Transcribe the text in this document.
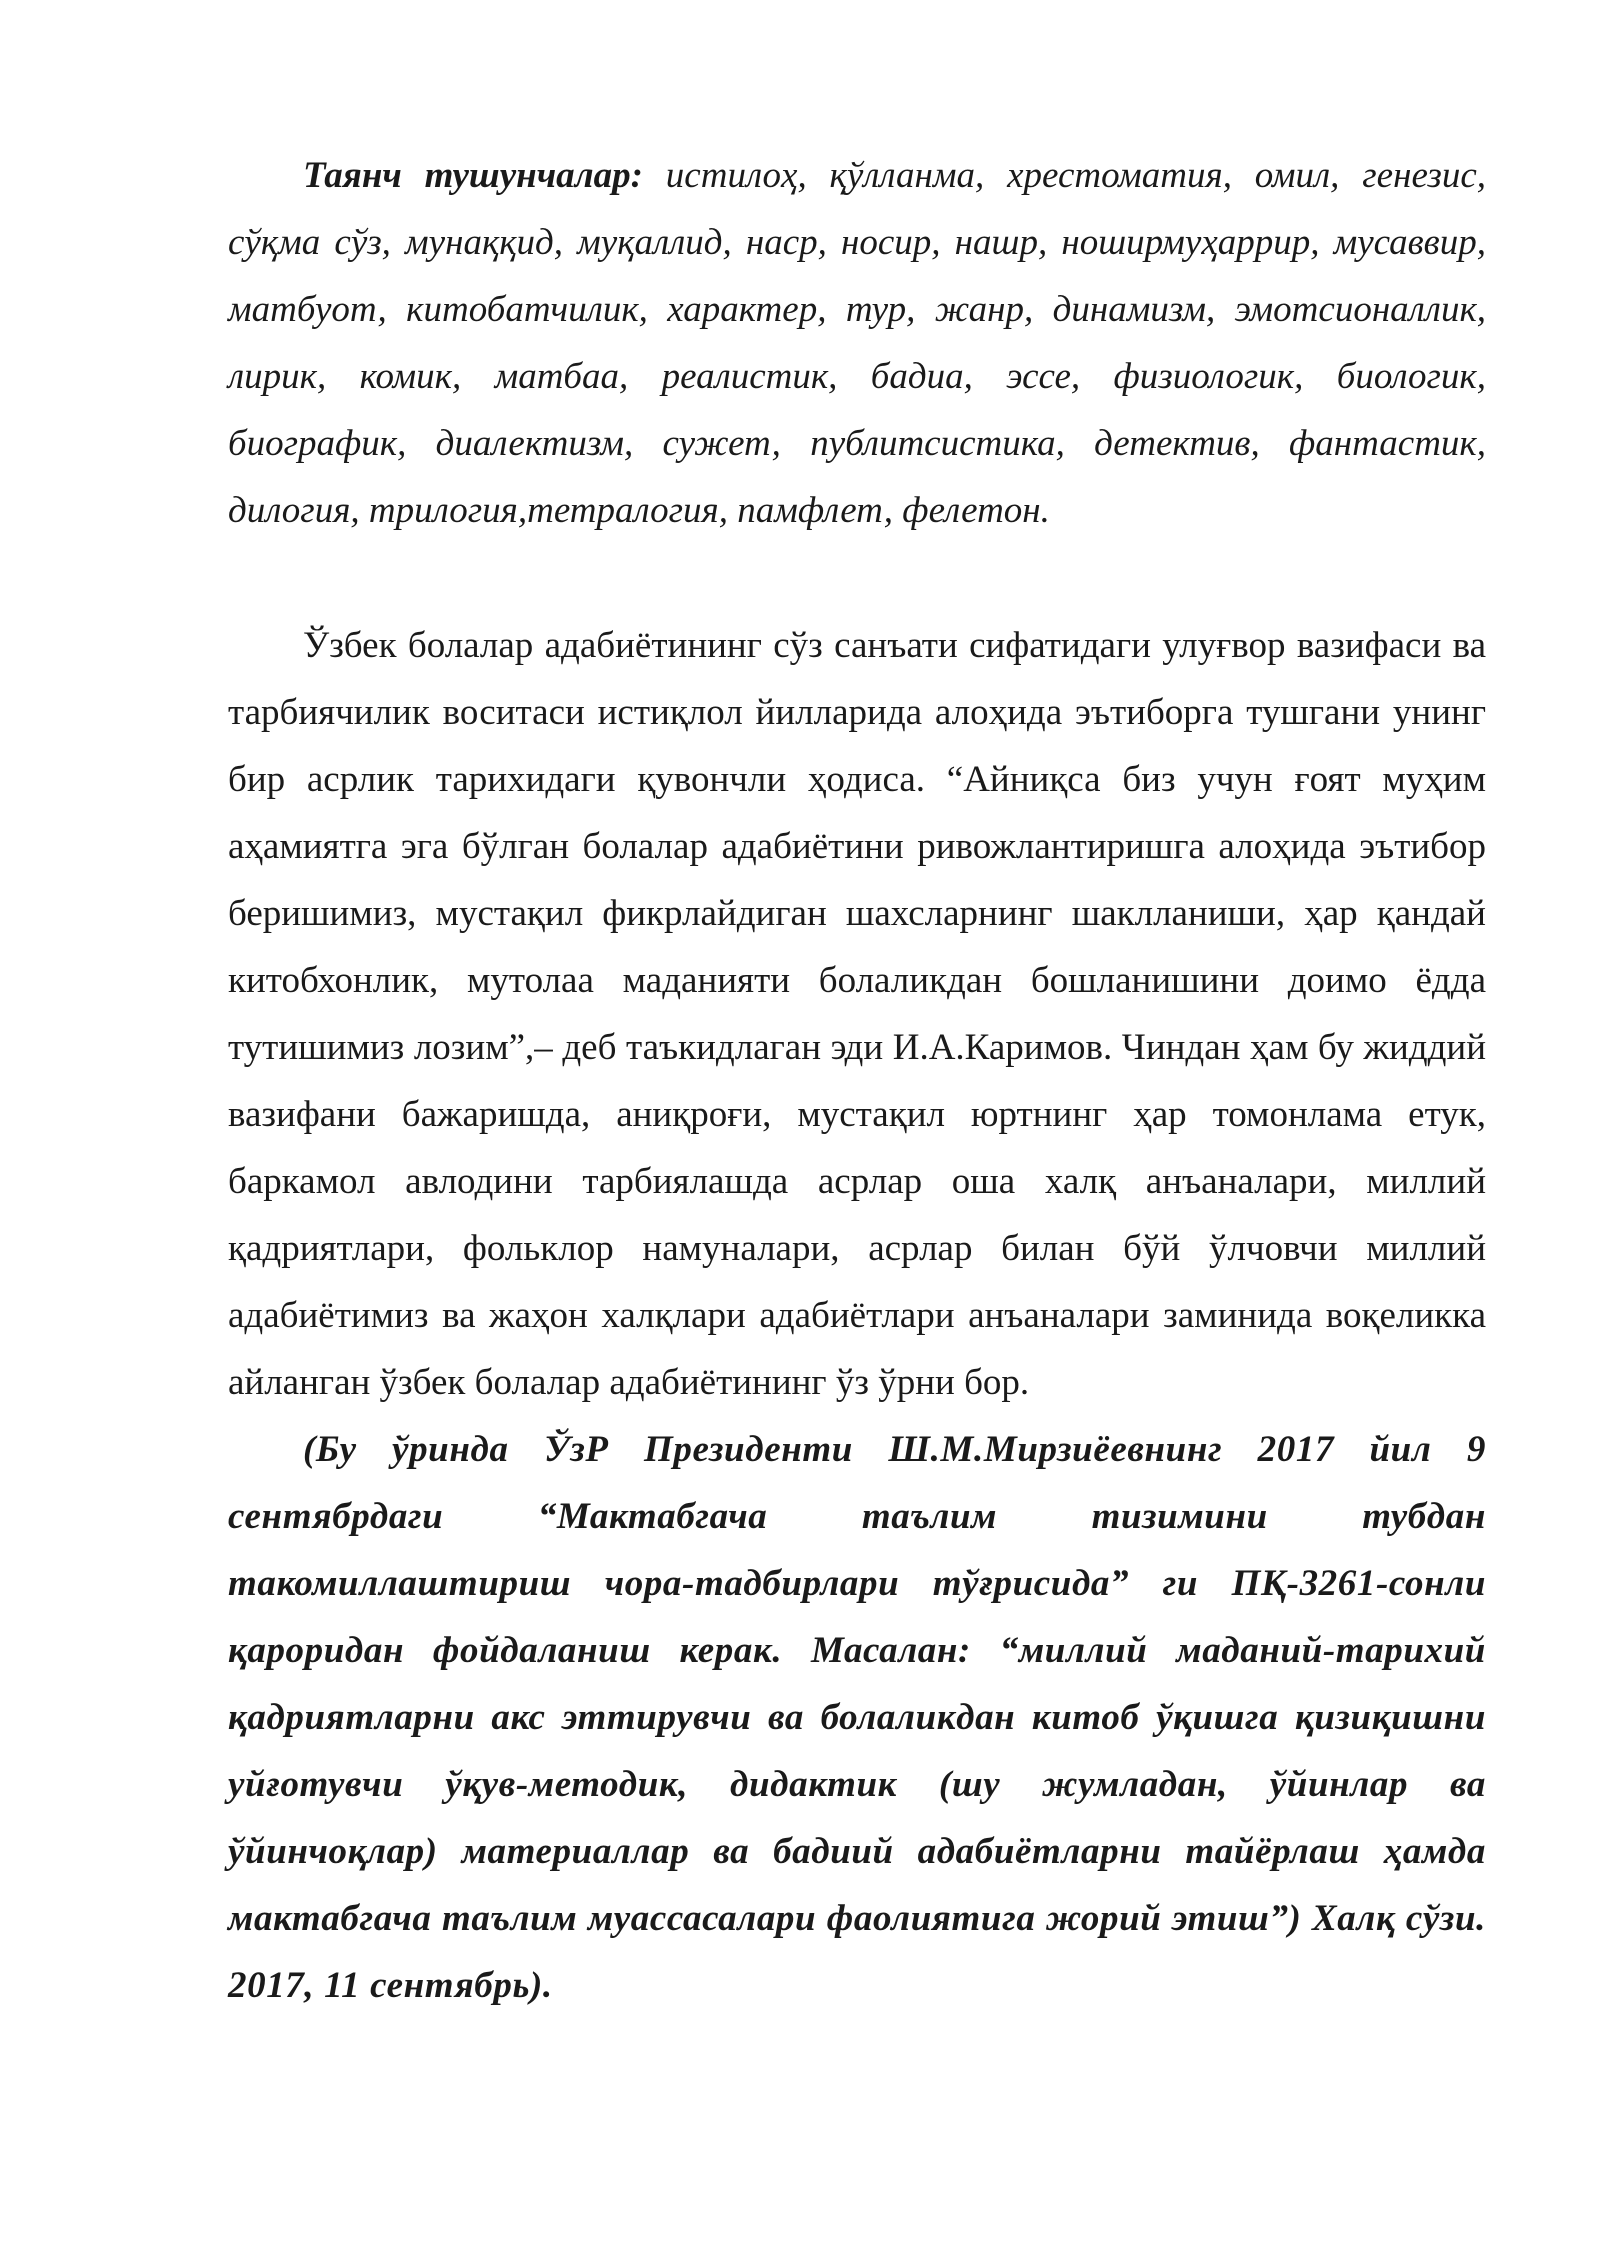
Таянч тушунчалар: истилоҳ, қўлланма, хрестоматия, омил, генезис, сўқма сўз, мунаққид, муқаллид, наср, носир, нашр, ноширмуҳаррир, мусаввир, матбуот, китобатчилик, характер, тур, жанр, динамизм, эмотсионаллик, лирик, комик, матбаа, реалистик, бадиа, эссе, физиологик, биологик, биографик, диалектизм, сужет, публитсистика, детектив, фантастик, дилогия, трилогия,тетралогия, памфлет, фелетон.

Ўзбек болалар адабиётининг сўз санъати сифатидаги улуғвор вазифаси ва тарбиячилик воситаси истиқлол йилларида алоҳида эътиборга тушгани унинг бир асрлик тарихидаги қувончли ҳодиса. “Айниқса биз учун ғоят муҳим аҳамиятга эга бўлган болалар адабиётини ривожлантиришга алоҳида эътибор беришимиз, мустақил фикрлайдиган шахсларнинг шаклланиши, ҳар қандай китобхонлик, мутолаа маданияти болаликдан бошланишини доимо ёдда тутишимиз лозим”,– деб таъкидлаган эди И.А.Каримов. Чиндан ҳам бу жиддий вазифани бажаришда, аниқроғи, мустақил юртнинг ҳар томонлама етук, баркамол авлодини тарбиялашда асрлар оша халқ анъаналари, миллий қадриятлари, фольклор намуналари, асрлар билан бўй ўлчовчи миллий адабиётимиз ва жаҳон халқлари адабиётлари анъаналари заминида воқеликка айланган ўзбек болалар адабиётининг ўз ўрни бор.

(Бу ўринда ЎзР Президенти Ш.М.Мирзиёевнинг 2017 йил 9 сентябрдаги “Мактабгача таълим тизимини тубдан такомиллаштириш чора-тадбирлари тўғрисида” ги ПҚ-3261-сонли қароридан фойдаланиш керак. Масалан: “миллий маданий-тарихий қадриятларни акс эттирувчи ва болаликдан китоб ўқишга қизиқишни уйғотувчи ўқув-методик, дидактик (шу жумладан, ўйинлар ва ўйинчоқлар) материаллар ва бадиий адабиётларни тайёрлаш ҳамда мактабгача таълим муассасалари фаолиятига жорий этиш”) Халқ сўзи. 2017, 11 сентябрь).
